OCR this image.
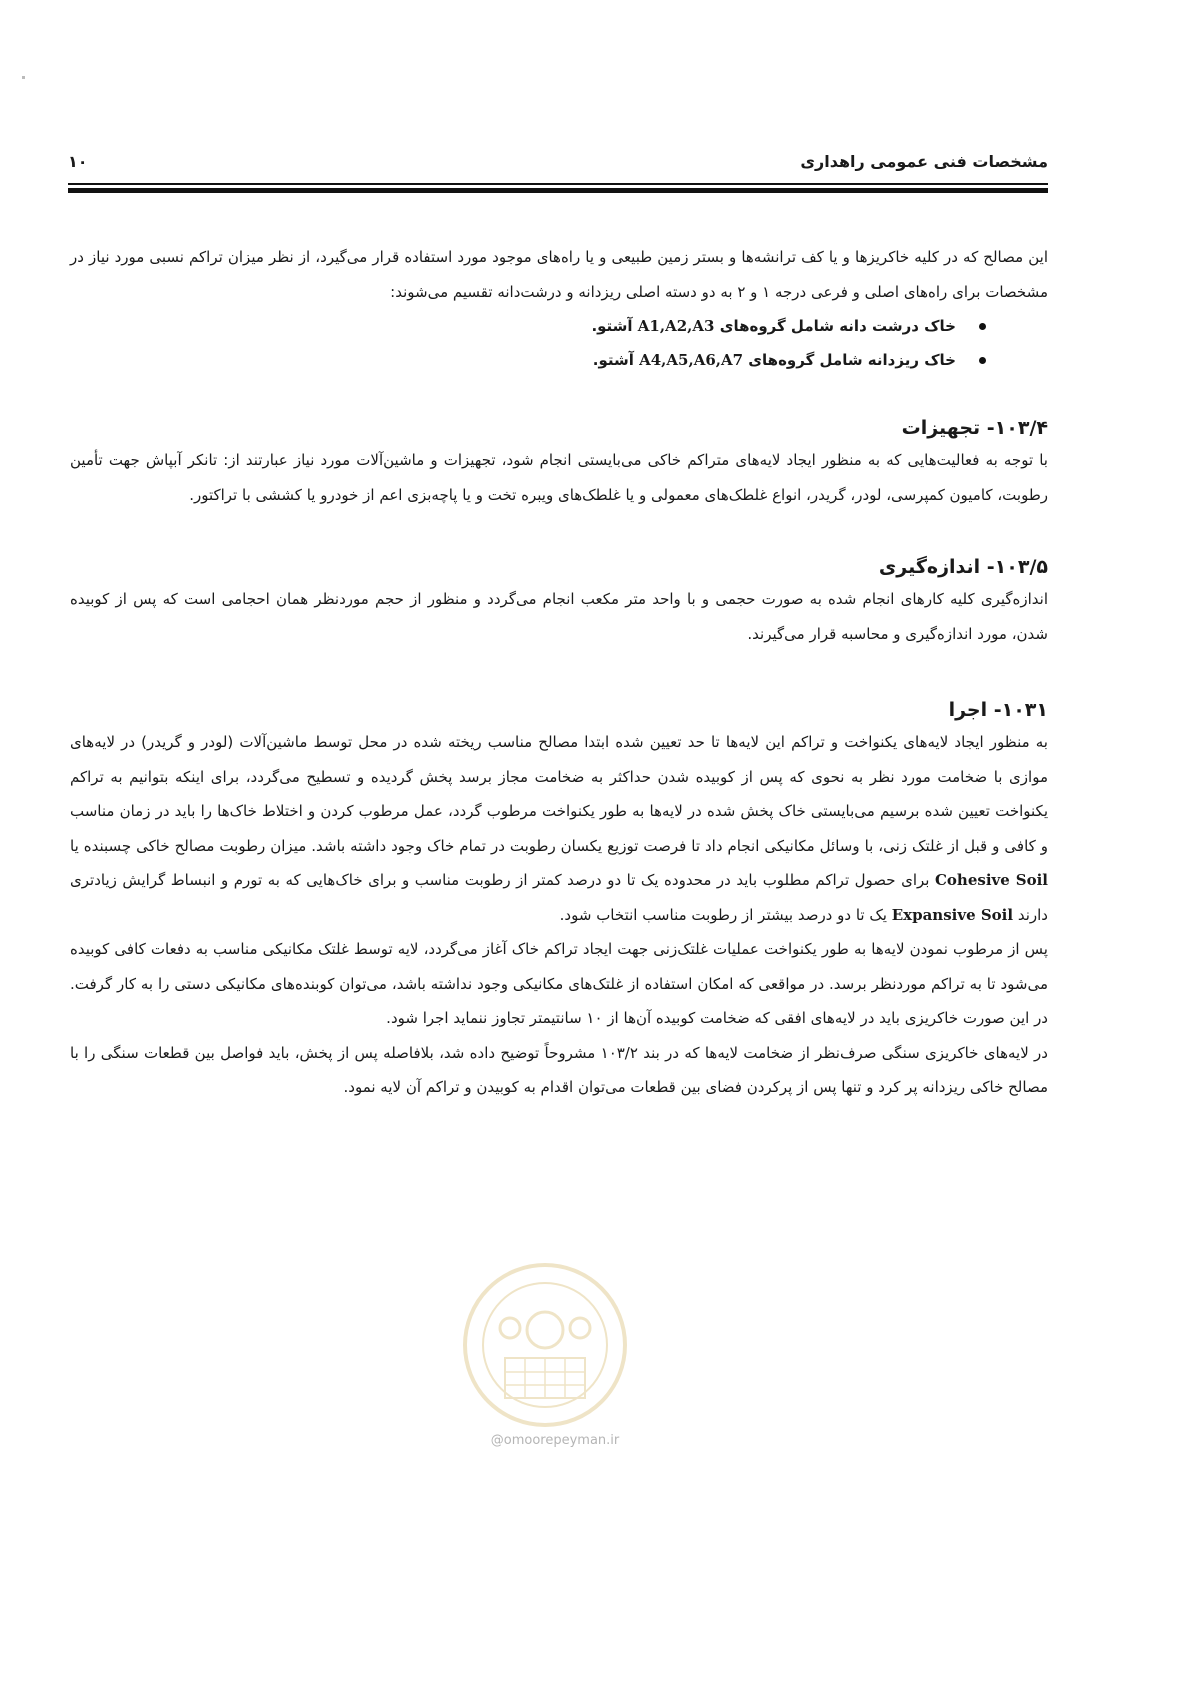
مشخصات فنی عمومی راهداری
۱۰

این مصالح که در کلیه خاکریزها و یا کف ترانشه‌ها و بستر زمین طبیعی و یا راه‌های موجود مورد استفاده قرار می‌گیرد، از نظر میزان تراکم نسبی مورد نیاز در مشخصات برای راه‌های اصلی و فرعی درجه ۱ و ۲ به دو دسته اصلی ریزدانه و درشت‌دانه تقسیم می‌شوند:

خاک درشت دانه شامل گروه‌های A1,A2,A3 آشتو.
خاک ریزدانه شامل گروه‌های A4,A5,A6,A7 آشتو.
۱۰۳/۴- تجهیزات

با توجه به فعالیت‌هایی که به منظور ایجاد لایه‌های متراکم خاکی می‌بایستی انجام شود، تجهیزات و ماشین‌آلات مورد نیاز عبارتند از: تانکر آبپاش جهت تأمین رطوبت، کامیون کمپرسی، لودر، گریدر، انواع غلطک‌های معمولی و یا غلطک‌های ویبره تخت و یا پاچه‌بزی اعم از خودرو یا کششی با تراکتور.

۱۰۳/۵- اندازه‌گیری

اندازه‌گیری کلیه کارهای انجام شده به صورت حجمی و با واحد متر مکعب انجام می‌گردد و منظور از حجم موردنظر همان احجامی است که پس از کوبیده شدن، مورد اندازه‌گیری و محاسبه قرار می‌گیرند.

۱۰۳۱- اجرا

به منظور ایجاد لایه‌های یکنواخت و تراکم این لایه‌ها تا حد تعیین شده ابتدا مصالح مناسب ریخته شده در محل توسط ماشین‌آلات (لودر و گریدر) در لایه‌های موازی با ضخامت مورد نظر به نحوی که پس از کوبیده شدن حداکثر به ضخامت مجاز برسد پخش گردیده و تسطیح می‌گردد، برای اینکه بتوانیم به تراکم یکنواخت تعیین شده برسیم می‌بایستی خاک پخش شده در لایه‌ها به طور یکنواخت مرطوب گردد، عمل مرطوب کردن و اختلاط خاک‌ها را باید در زمان مناسب و کافی و قبل از غلتک زنی، با وسائل مکانیکی انجام داد تا فرصت توزیع یکسان رطوبت در تمام خاک وجود داشته باشد. میزان رطوبت مصالح خاکی چسبنده یا Cohesive Soil برای حصول تراکم مطلوب باید در محدوده یک تا دو درصد کمتر از رطوبت مناسب و برای خاک‌هایی که به تورم و انبساط گرایش زیادتری دارند Expansive Soil یک تا دو درصد بیشتر از رطوبت مناسب انتخاب شود.

پس از مرطوب نمودن لایه‌ها به طور یکنواخت عملیات غلتک‌زنی جهت ایجاد تراکم خاک آغاز می‌گردد، لایه توسط غلتک مکانیکی مناسب به دفعات کافی کوبیده می‌شود تا به تراکم موردنظر برسد. در مواقعی که امکان استفاده از غلتک‌های مکانیکی وجود نداشته باشد، می‌توان کوبنده‌های مکانیکی دستی را به کار گرفت. در این صورت خاکریزی باید در لایه‌های افقی که ضخامت کوبیده آن‌ها از ۱۰ سانتیمتر تجاوز ننماید اجرا شود.

در لایه‌های خاکریزی سنگی صرف‌نظر از ضخامت لایه‌ها که در بند ۱۰۳/۲ مشروحاً توضیح داده شد، بلافاصله پس از پخش، باید فواصل بین قطعات سنگی را با مصالح خاکی ریزدانه پر کرد و تنها پس از پرکردن فضای بین قطعات می‌توان اقدام به کوبیدن و تراکم آن لایه نمود.

@omoorepeyman.ir
